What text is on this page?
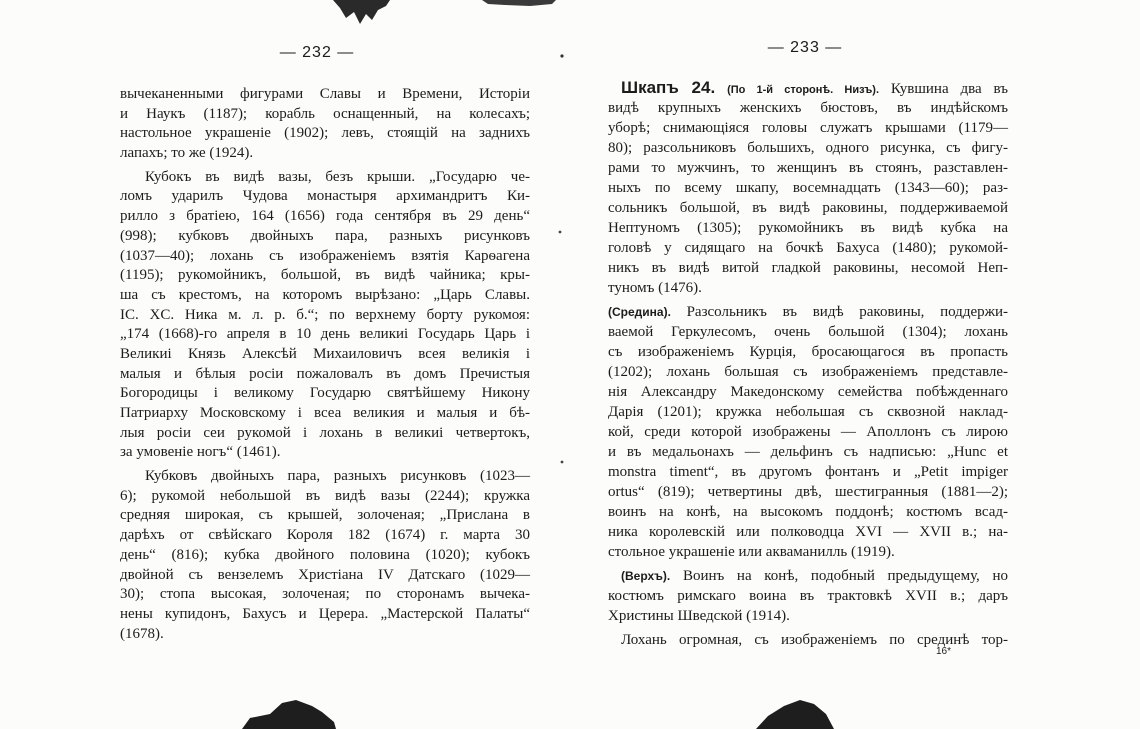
— 232 —
вычеканенными фигурами Славы и Времени, Исторіи
и Наукъ (1187); корабль оснащенный, на колесахъ;
настольное украшеніе (1902); левъ, стоящій на заднихъ
лапахъ; то же (1924).
Кубокъ въ видѣ вазы, безъ крыши. „Государю че-
ломъ ударилъ Чудова монастыря архимандритъ Ки-
рилло з братіею, 164 (1656) года сентября въ 29 день“
(998); кубковъ двойныхъ пара, разныхъ рисунковъ
(1037—40); лохань съ изображеніемъ взятія Карѳагена
(1195); рукомойникъ, большой, въ видѣ чайника; кры-
ша съ крестомъ, на которомъ вырѣзано: „Царь Славы.
IC. XC. Ника м. л. р. б.“; по верхнему борту рукомоя:
„174 (1668)-го апреля в 10 день великиі Государь Царь і
Великиі Князь Алексѣй Михаиловичъ всея великія і
малыя и бѣлыя росіи пожаловалъ въ домъ Пречистыя
Богородицы і великому Государю святѣйшему Никону
Патриарху Московскому і всеа великия и малыя и бѣ-
лыя росіи сеи рукомой і лохань в великиі четвертокъ,
за умовеніе ногъ“ (1461).
Кубковъ двойныхъ пара, разныхъ рисунковъ (1023—
6); рукомой небольшой въ видѣ вазы (2244); кружка
средняя широкая, съ крышей, золоченая; „Прислана в
дарѣхъ от свѣйскаго Короля 182 (1674) г. марта 30
день“ (816); кубка двойного половина (1020); кубокъ
двойной съ вензелемъ Христіана IV Датскаго (1029—
30); стопа высокая, золоченая; по сторонамъ вычека-
нены купидонъ, Бахусъ и Церера. „Мастерской Палаты“
(1678).
— 233 —
Шкапъ 24. (По 1-й сторонѣ. Низъ). Кувшина два въ
видѣ крупныхъ женскихъ бюстовъ, въ индѣйскомъ
уборѣ; снимающіяся головы служатъ крышами (1179—
80); разсольниковъ большихъ, одного рисунка, съ фигу-
рами то мужчинъ, то женщинъ въ стоянъ, разставлен-
ныхъ по всему шкапу, восемнадцать (1343—60); раз-
сольникъ большой, въ видѣ раковины, поддерживаемой
Нептуномъ (1305); рукомойникъ въ видѣ кубка на
головѣ у сидящаго на бочкѣ Бахуса (1480); рукомой-
никъ въ видѣ витой гладкой раковины, несомой Неп-
туномъ (1476).
(Средина). Разсольникъ въ видѣ раковины, поддержи-
ваемой Геркулесомъ, очень большой (1304); лохань
съ изображеніемъ Курція, бросающагося въ пропасть
(1202); лохань большая съ изображеніемъ представле-
нія Александру Македонскому семейства побѣжденнаго
Дарія (1201); кружка небольшая съ сквозной наклад-
кой, среди которой изображены — Аполлонъ съ лирою
и въ медальонахъ — дельфинъ съ надписью: „Hunc et
monstra timent“, въ другомъ фонтанъ и „Petit impiger
ortus“ (819); четвертины двѣ, шестигранныя (1881—2);
воинъ на конѣ, на высокомъ поддонѣ; костюмъ всад-
ника королевскій или полководца XVI — XVII в.; на-
стольное украшеніе или акваманилль (1919).
(Верхъ). Воинъ на конѣ, подобный предыдущему, но
костюмъ римскаго воина въ трактовкѣ XVII в.; даръ
Христины Шведской (1914).
Лохань огромная, съ изображеніемъ по срединѣ тор-
16*
